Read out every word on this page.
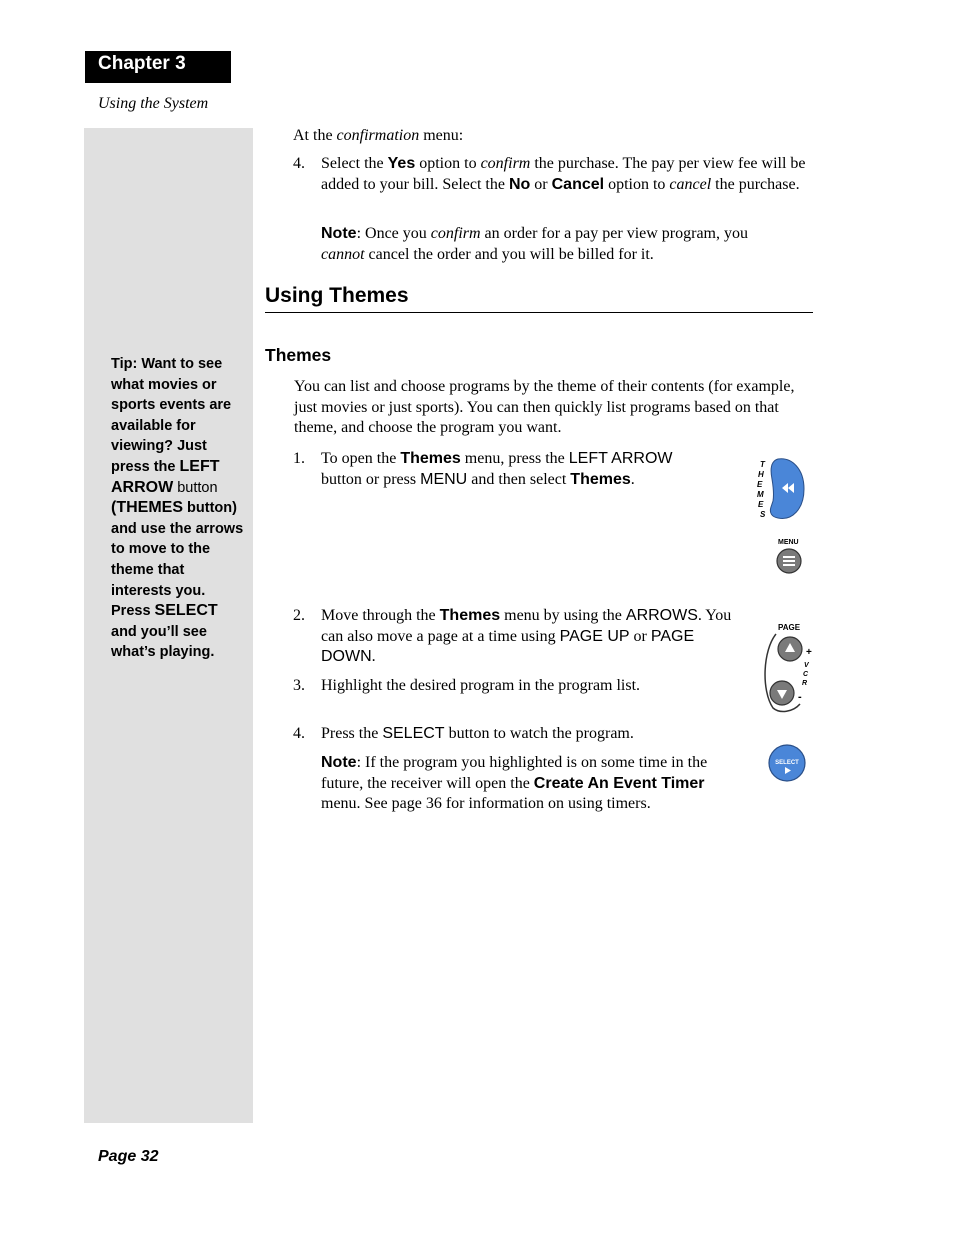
Chapter 3
Using the System
Tip: Want to see what movies or sports events are available for viewing? Just press the LEFT ARROW button (THEMES button) and use the arrows to move to the theme that interests you. Press SELECT and you’ll see what’s playing.
At the confirmation menu:
4. Select the Yes option to confirm the purchase. The pay per view fee will be added to your bill. Select the No or Cancel option to cancel the purchase.
Note: Once you confirm an order for a pay per view program, you cannot cancel the order and you will be billed for it.
Using Themes
Themes
You can list and choose programs by the theme of their contents (for example, just movies or just sports). You can then quickly list programs based on that theme, and choose the program you want.
1. To open the Themes menu, press the LEFT ARROW button or press MENU and then select Themes.
2. Move through the Themes menu by using the ARROWS. You can also move a page at a time using PAGE UP or PAGE DOWN.
3. Highlight the desired program in the program list.
4. Press the SELECT button to watch the program.
Note: If the program you highlighted is on some time in the future, the receiver will open the Create An Event Timer menu. See page 36 for information on using timers.
T
H
E
M
E
S
MENU
PAGE
+
V
C
R
-
SELECT
Page 32
